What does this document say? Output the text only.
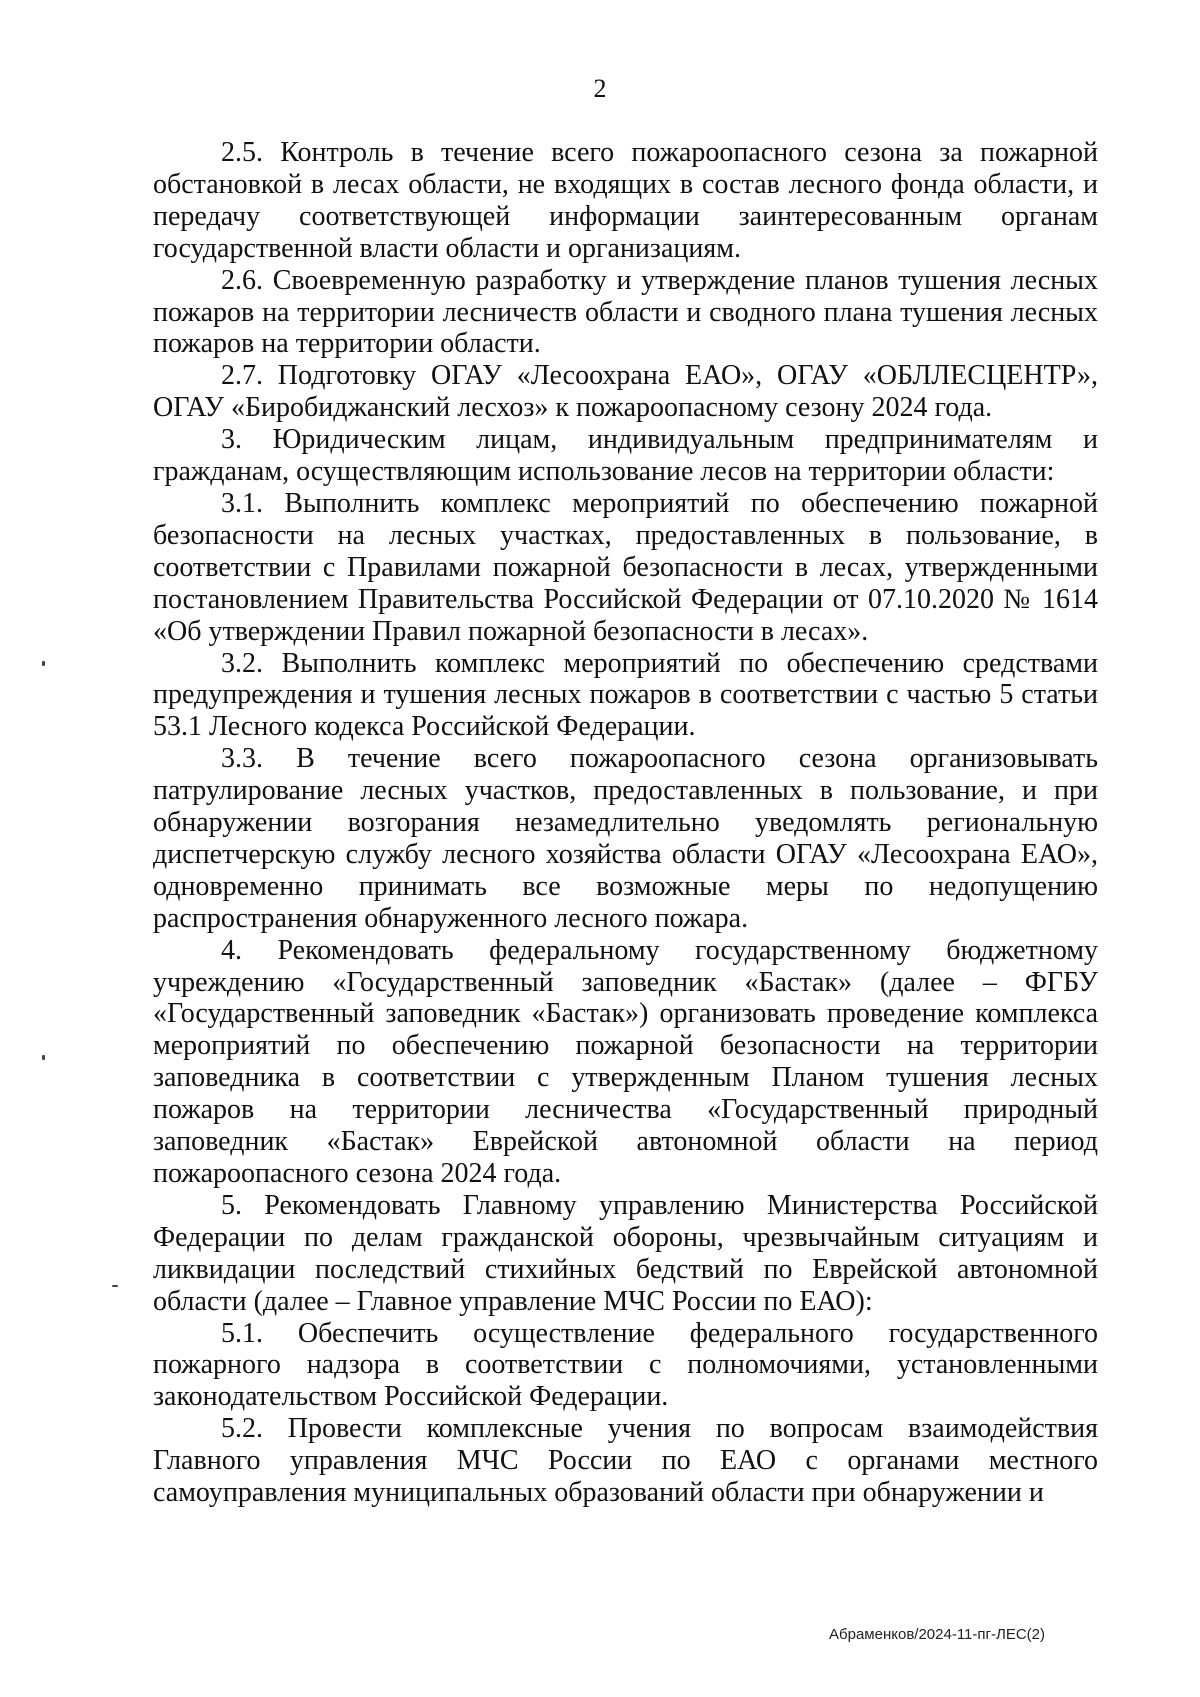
2

2.5. Контроль в течение всего пожароопасного сезона за пожарной обстановкой в лесах области, не входящих в состав лесного фонда области, и передачу соответствующей информации заинтересованным органам государственной власти области и организациям.

2.6. Своевременную разработку и утверждение планов тушения лесных пожаров на территории лесничеств области и сводного плана тушения лесных пожаров на территории области.

2.7. Подготовку ОГАУ «Лесоохрана ЕАО», ОГАУ «ОБЛЛЕСЦЕНТР», ОГАУ «Биробиджанский лесхоз» к пожароопасному сезону 2024 года.

3. Юридическим лицам, индивидуальным предпринимателям и гражданам, осуществляющим использование лесов на территории области:

3.1. Выполнить комплекс мероприятий по обеспечению пожарной безопасности на лесных участках, предоставленных в пользование, в соответствии с Правилами пожарной безопасности в лесах, утвержденными постановлением Правительства Российской Федерации от 07.10.2020 № 1614 «Об утверждении Правил пожарной безопасности в лесах».

3.2. Выполнить комплекс мероприятий по обеспечению средствами предупреждения и тушения лесных пожаров в соответствии с частью 5 статьи 53.1 Лесного кодекса Российской Федерации.

3.3. В течение всего пожароопасного сезона организовывать патрулирование лесных участков, предоставленных в пользование, и при обнаружении возгорания незамедлительно уведомлять региональную диспетчерскую службу лесного хозяйства области ОГАУ «Лесоохрана ЕАО», одновременно принимать все возможные меры по недопущению распространения обнаруженного лесного пожара.

4. Рекомендовать федеральному государственному бюджетному учреждению «Государственный заповедник «Бастак» (далее – ФГБУ «Государственный заповедник «Бастак») организовать проведение комплекса мероприятий по обеспечению пожарной безопасности на территории заповедника в соответствии с утвержденным Планом тушения лесных пожаров на территории лесничества «Государственный природный заповедник «Бастак» Еврейской автономной области на период пожароопасного сезона 2024 года.

5. Рекомендовать Главному управлению Министерства Российской Федерации по делам гражданской обороны, чрезвычайным ситуациям и ликвидации последствий стихийных бедствий по Еврейской автономной области (далее – Главное управление МЧС России по ЕАО):

5.1. Обеспечить осуществление федерального государственного пожарного надзора в соответствии с полномочиями, установленными законодательством Российской Федерации.

5.2. Провести комплексные учения по вопросам взаимодействия Главного управления МЧС России по ЕАО с органами местного самоуправления муниципальных образований области при обнаружении и

Абраменков/2024-11-пг-ЛЕС(2)
